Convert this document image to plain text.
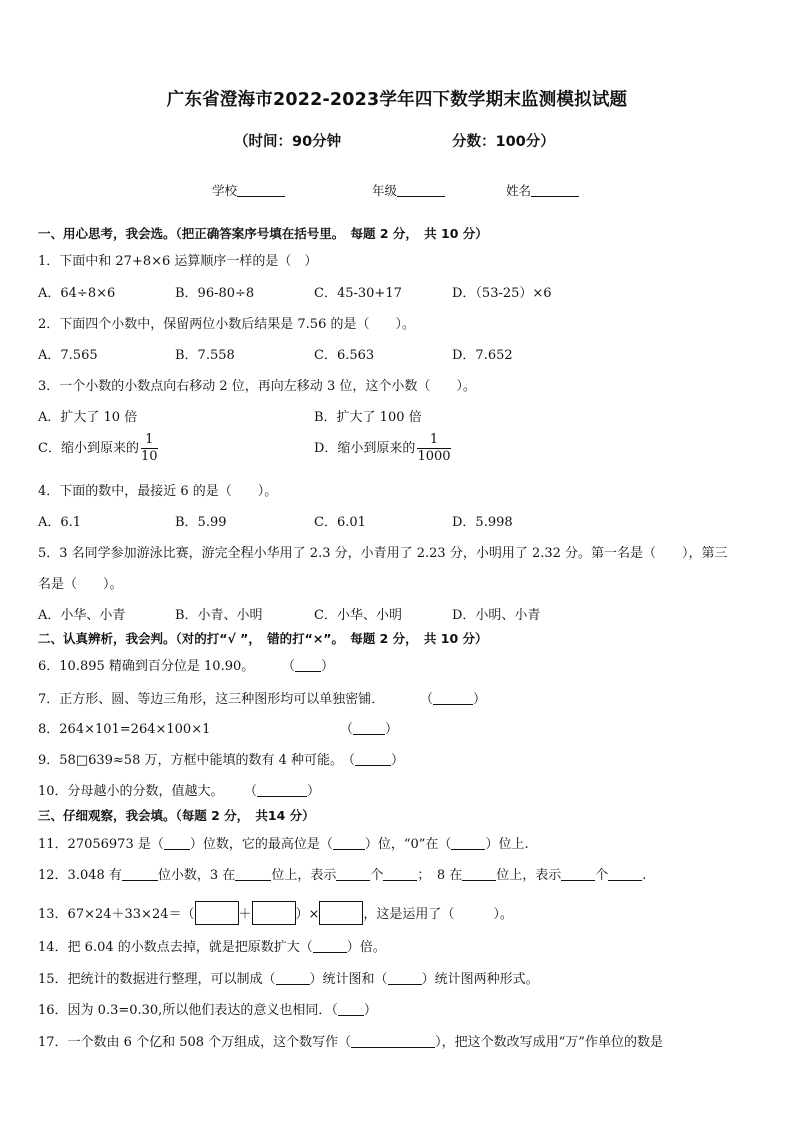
广东省澄海市2022-2023学年四下数学期末监测模拟试题
（时间：90分钟	分数：100分）
学校	年级	姓名
一、用心思考，我会选。（把正确答案序号填在括号里。　每题 2 分，　共 10 分）
1．下面中和 27+8×6 运算顺序一样的是（　）
A．64÷8×6	B．96-80÷8	C．45-30+17	D．（53-25）×6
2．下面四个小数中，保留两位小数后结果是 7.56 的是（　　）。
A．7.565	B．7.558	C．6.563	D．7.652
3．一个小数的小数点向右移动 2 位，再向左移动 3 位，这个小数（　　）。
A．扩大了 10 倍	B．扩大了 100 倍
C．缩小到原来的 $\frac{1}{10}$	D．缩小到原来的 $\frac{1}{1000}$
4．下面的数中，最接近 6 的是（　　）。
A．6.1	B．5.99	C．6.01	D．5.998
5．3 名同学参加游泳比赛，游完全程小华用了 2.3 分，小青用了 2.23 分，小明用了 2.32 分。第一名是（　　），第三
名是（　　）。
A．小华、小青	B．小青、小明	C．小华、小明	D．小明、小青
二、认真辨析，我会判。（对的打“√ ”，　错的打“×”。　每题 2 分，　共 10 分）
6．10.895 精确到百分位是 10.90。 （ ）
7．正方形、圆、等边三角形，这三种图形均可以单独密铺．	（	）
8．264×101=264×100×1	（ ）
9．58□639≈58 万，方框中能填的数有 4 种可能。
（	）
10．分母越小的分数，值越大。 （	）
三、仔细观察，我会填。（每题 2 分，　共14 分）
11．27056973 是（ ）位数，它的最高位是（ ）位，“0”在（	）位上.
12．3.048 有	位小数，3 在	位上，表示	个	；　8 在	位上，表示	个	.
13．67×24＋33×24＝（	＋	）×	，这是运用了（　　　）。
14．把 6.04 的小数点去掉，就是把原数扩大（	）倍。
15．把统计的数据进行整理，可以制成（	）统计图和（	）统计图两种形式。
16．因为 0.3=0.30,所以他们表达的意义也相同．（ ）
17．一个数由 6 个亿和 508 个万组成，这个数写作（	），把这个数改写成用“万”作单位的数是
